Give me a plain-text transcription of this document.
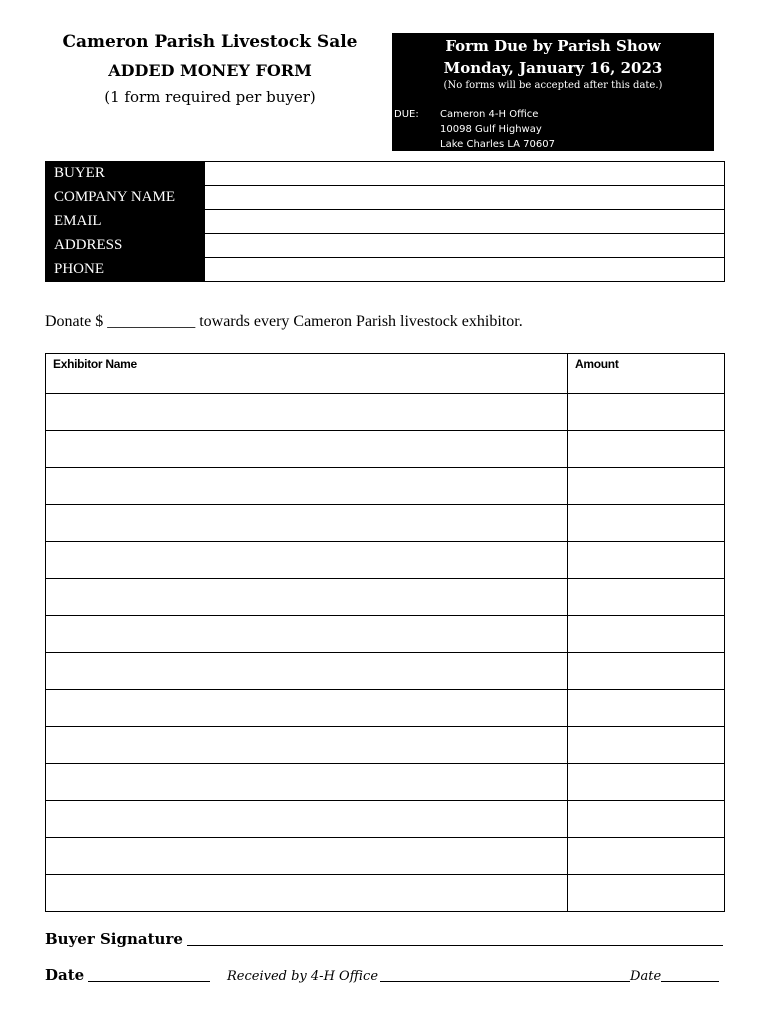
Cameron Parish Livestock Sale
ADDED MONEY FORM
(1 form required per buyer)
Form Due by Parish Show
Monday, January 16, 2023
(No forms will be accepted after this date.)
DUE: Cameron 4-H Office
10098 Gulf Highway
Lake Charles LA 70607
BUYER	
COMPANY NAME	
EMAIL	
ADDRESS	
PHONE	
Donate $ ___________ towards every Cameron Parish livestock exhibitor.
Exhibitor Name	Amount

Buyer Signature
Date	Received by 4-H Office	Date
